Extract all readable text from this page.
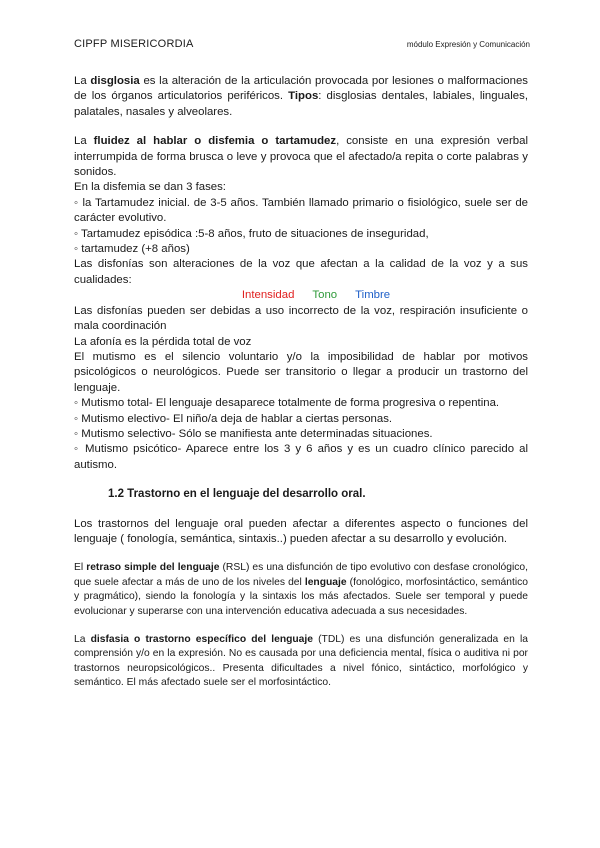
CIPFP MISERICORDIA	módulo Expresión y Comunicación

La disglosia es la alteración de la articulación provocada por lesiones o malformaciones de los órganos articulatorios periféricos. Tipos: disglosias dentales, labiales, linguales, palatales, nasales y alveolares.

La fluidez al hablar o disfemia o tartamudez, consiste en una expresión verbal interrumpida de forma brusca o leve y provoca que el afectado/a repita o corte palabras y sonidos.

En la disfemia se dan 3 fases:

◦ la Tartamudez inicial. de 3-5 años. También llamado primario o fisiológico, suele ser de carácter evolutivo.

◦ Tartamudez episódica :5-8 años, fruto de situaciones de inseguridad,

◦ tartamudez (+8 años)

Las disfonías son alteraciones de la voz que afectan a la calidad de la voz y a sus cualidades:

Intensidad Tono Timbre

Las disfonías pueden ser debidas a uso incorrecto de la voz, respiración insuficiente o mala coordinación

La afonía es la pérdida total de voz

El mutismo es el silencio voluntario y/o la imposibilidad de hablar por motivos psicológicos o neurológicos. Puede ser transitorio o llegar a producir un trastorno del lenguaje.

◦ Mutismo total- El lenguaje desaparece totalmente de forma progresiva o repentina.

◦ Mutismo electivo- El niño/a deja de hablar a ciertas personas.

◦ Mutismo selectivo- Sólo se manifiesta ante determinadas situaciones.

◦ Mutismo psicótico- Aparece entre los 3 y 6 años y es un cuadro clínico parecido al autismo.

1.2 Trastorno en el lenguaje del desarrollo oral.

Los trastornos del lenguaje oral pueden afectar a diferentes aspecto o funciones del lenguaje ( fonología, semántica, sintaxis..) pueden afectar a su desarrollo y evolución.

El retraso simple del lenguaje (RSL) es una disfunción de tipo evolutivo con desfase cronológico, que suele afectar a más de uno de los niveles del lenguaje (fonológico, morfosintáctico, semántico y pragmático), siendo la fonología y la sintaxis los más afectados. Suele ser temporal y puede evolucionar y superarse con una intervención educativa adecuada a sus necesidades.

La disfasia o trastorno específico del lenguaje (TDL) es una disfunción generalizada en la comprensión y/o en la expresión. No es causada por una deficiencia mental, física o auditiva ni por trastornos neuropsicológicos.. Presenta dificultades a nivel fónico, sintáctico, morfológico y semántico. El más afectado suele ser el morfosintáctico.
